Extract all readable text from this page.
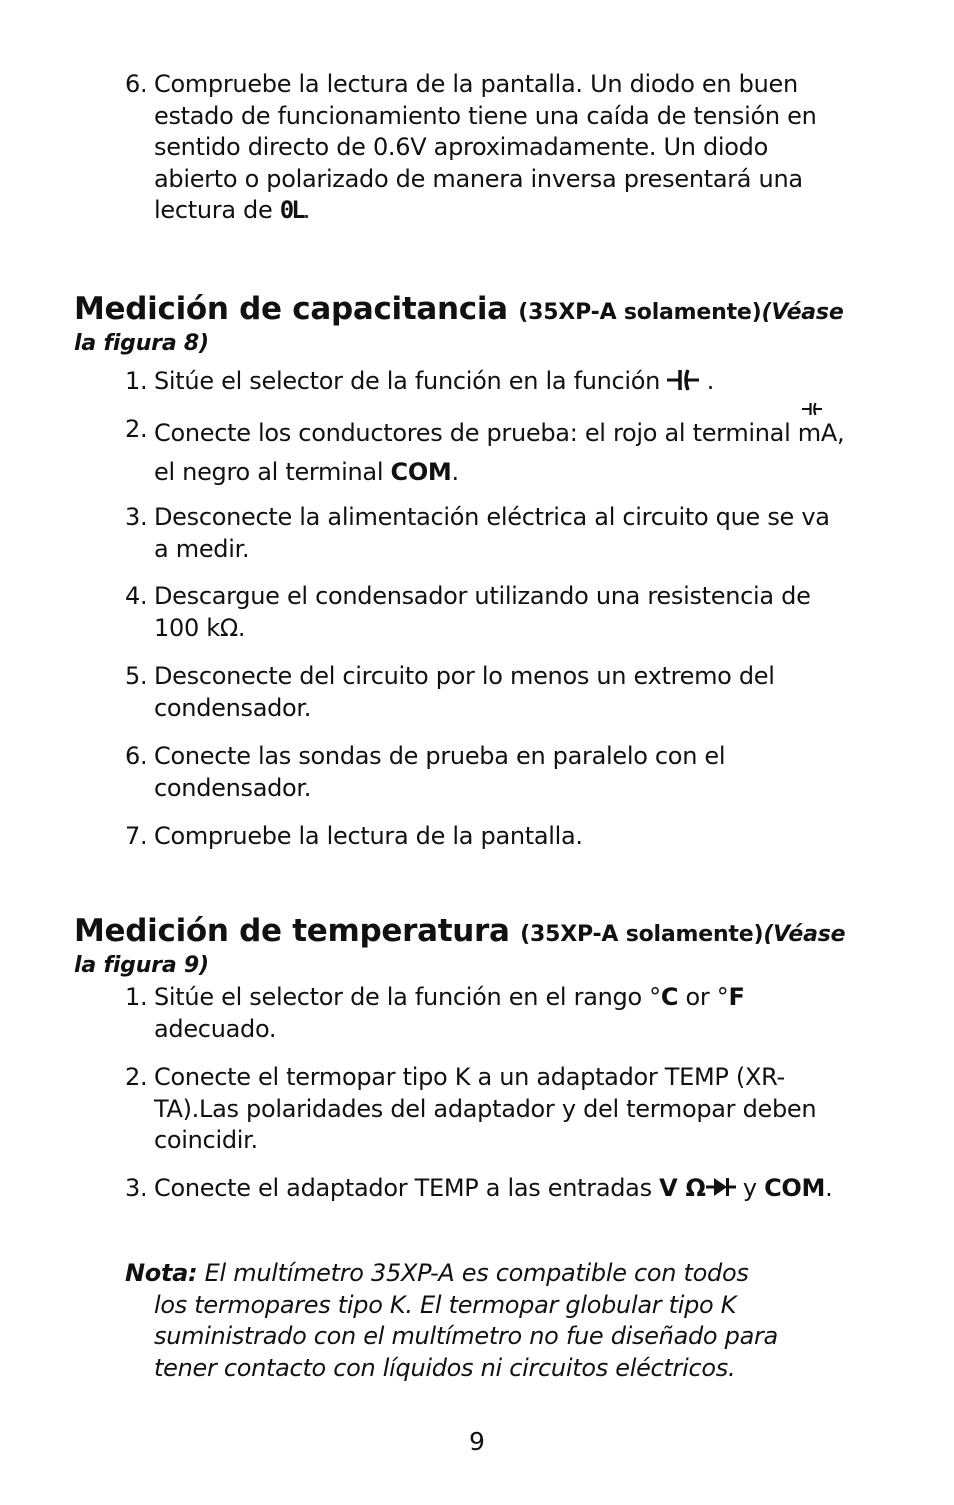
6. Compruebe la lectura de la pantalla. Un diodo en buen estado de funcionamiento tiene una caída de tensión en sentido directo de 0.6V aproximadamente. Un diodo abierto o polarizado de manera inversa presentará una lectura de 0L.
Medición de capacitancia (35XP-A solamente)(Véase
la figura 8)
1. Sitúe el selector de la función en la función  .
2. Conecte los conductores de prueba: el rojo al terminal
mA, el negro al terminal COM.
3. Desconecte la alimentación eléctrica al circuito que se va a medir.
4. Descargue el condensador utilizando una resistencia de 100 kΩ.
5. Desconecte del circuito por lo menos un extremo del condensador.
6. Conecte las sondas de prueba en paralelo con el condensador.
7. Compruebe la lectura de la pantalla.
Medición de temperatura (35XP-A solamente)(Véase
la figura 9)
1. Sitúe el selector de la función en el rango °C or °F adecuado.
2. Conecte el termopar tipo K a un adaptador TEMP (XR-TA).Las polaridades del adaptador y del termopar deben coincidir.
3. Conecte el adaptador TEMP a las entradas V Ω y COM.
Nota: El multímetro 35XP-A es compatible con todos
los termopares tipo K. El termopar globular tipo K suministrado con el multímetro no fue diseñado para tener contacto con líquidos ni circuitos eléctricos.
9
